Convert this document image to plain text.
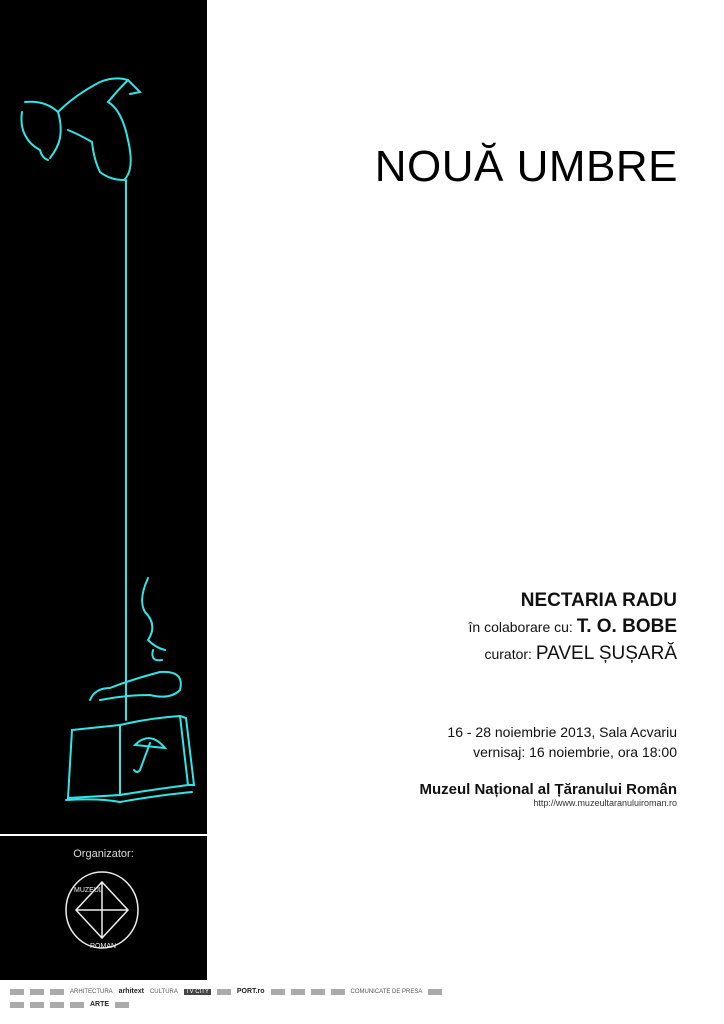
Organizator:
MUZEUL
ROMAN
NOUĂ UMBRE
NECTARIA RADU
în colaborare cu: T. O. BOBE
curator: PAVEL ȘUȘARĂ
16 - 28 noiembrie 2013, Sala Acvariu
vernisaj: 16 noiembrie, ora 18:00
Muzeul Național al Țăranului Român
http://www.muzeultaranuluiroman.ro
ARHITECTURA arhitext CULTURA	TV CITY	PORT.ro	COMUNICATE DE PRESA
ARTE
